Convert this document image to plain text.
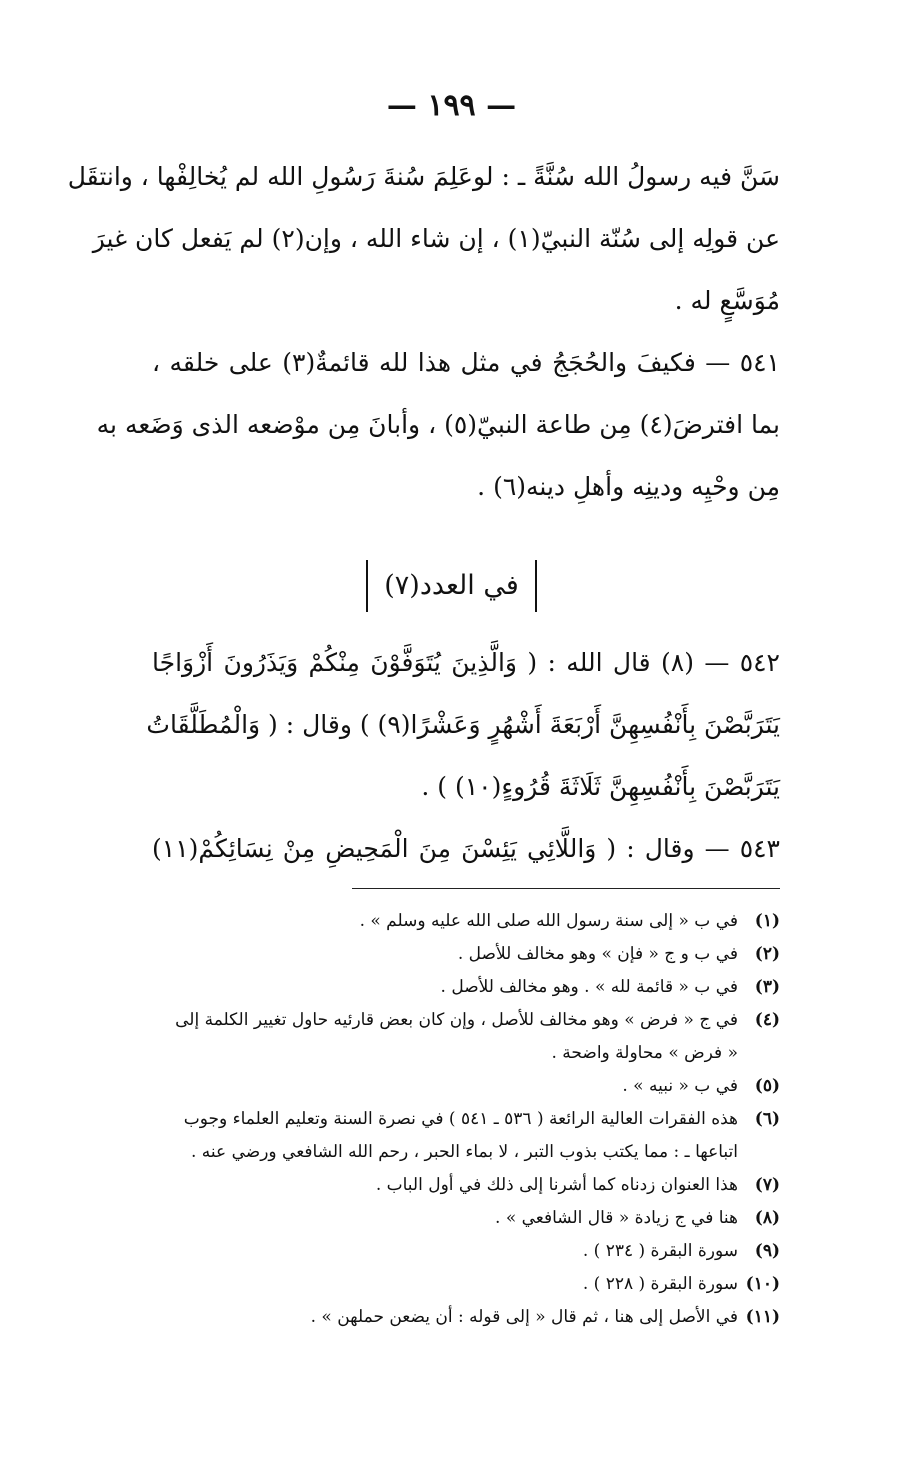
— ١٩٩ —
سَنَّ فيه رسولُ الله سُنَّةً ـ : لوعَلِمَ سُنةَ رَسُولِ الله لم يُخالِفْها ، وانتقَل
عن قولِه إلى سُنّة النبيّ(١) ، إن شاء الله ، وإن(٢) لم يَفعل كان غيرَ
مُوَسَّعٍ له .
٥٤١ — فكيفَ والحُجَجُ في مثل هذا لله قائمةٌ(٣) على خلقه ،
بما افترضَ(٤) مِن طاعة النبيّ(٥) ، وأبانَ مِن موْضعه الذى وَضَعه به
مِن وحْيِه ودينِه وأهلِ دينه(٦) .
في العدد(٧)
٥٤٢ — (٨) قال الله : ( وَالَّذِينَ يُتَوَفَّوْنَ مِنْكُمْ وَيَذَرُونَ أَزْوَاجًا
يَتَرَبَّصْنَ بِأَنْفُسِهِنَّ أَرْبَعَةَ أَشْهُرٍ وَعَشْرًا(٩) ) وقال : ( وَالْمُطَلَّقَاتُ
يَتَرَبَّصْنَ بِأَنْفُسِهِنَّ ثَلَاثَةَ قُرُوءٍ(١٠) ) .
٥٤٣ — وقال : ( وَاللَّائِي يَئِسْنَ مِنَ الْمَحِيضِ مِنْ نِسَائِكُمْ(١١)
(١)في ب « إلى سنة رسول الله صلى الله عليه وسلم » .
(٢)في ب و ج « فإن » وهو مخالف للأصل .
(٣)في ب « قائمة لله » . وهو مخالف للأصل .
(٤)في ج « فرض » وهو مخالف للأصل ، وإن كان بعض قارئيه حاول تغيير الكلمة إلى
« فرض » محاولة واضحة .
(٥)في ب « نبيه » .
(٦)هذه الفقرات العالية الرائعة ( ٥٣٦ ـ ٥٤١ ) في نصرة السنة وتعليم العلماء وجوب
اتباعها ـ : مما يكتب بذوب التبر ، لا بماء الحبر ، رحم الله الشافعي ورضي عنه .
(٧)هذا العنوان زدناه كما أشرنا إلى ذلك في أول الباب .
(٨)هنا في ج زيادة « قال الشافعي » .
(٩)سورة البقرة ( ٢٣٤ ) .
(١٠)سورة البقرة ( ٢٢٨ ) .
(١١)في الأصل إلى هنا ، ثم قال « إلى قوله : أن يضعن حملهن » .
